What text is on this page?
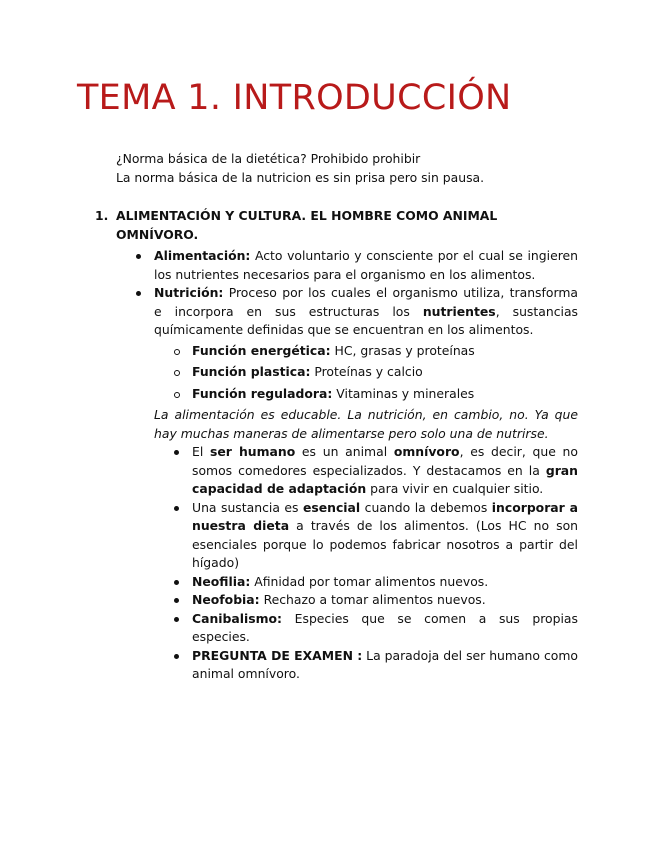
TEMA 1. INTRODUCCIÓN

¿Norma básica de la dietética? Prohibido prohibir

La norma básica de la nutricion es sin prisa pero sin pausa.

1. ALIMENTACIÓN Y CULTURA. EL HOMBRE COMO ANIMAL OMNÍVORO.
Alimentación: Acto voluntario y consciente por el cual se ingieren los nutrientes necesarios para el organismo en los alimentos.
Nutrición: Proceso por los cuales el organismo utiliza, transforma e incorpora en sus estructuras los nutrientes, sustancias químicamente definidas que se encuentran en los alimentos.
Función energética: HC, grasas y proteínas
Función plastica: Proteínas y calcio
Función reguladora: Vitaminas y minerales

La alimentación es educable. La nutrición, en cambio, no. Ya que hay muchas maneras de alimentarse pero solo una de nutrirse.

El ser humano es un animal omnívoro, es decir, que no somos comedores especializados. Y destacamos en la gran capacidad de adaptación para vivir en cualquier sitio.
Una sustancia es esencial cuando la debemos incorporar a nuestra dieta a través de los alimentos. (Los HC no son esenciales porque lo podemos fabricar nosotros a partir del hígado)
Neofilia: Afinidad por tomar alimentos nuevos.
Neofobia: Rechazo a tomar alimentos nuevos.
Canibalismo: Especies que se comen a sus propias especies.
PREGUNTA DE EXAMEN : La paradoja del ser humano como animal omnívoro.
